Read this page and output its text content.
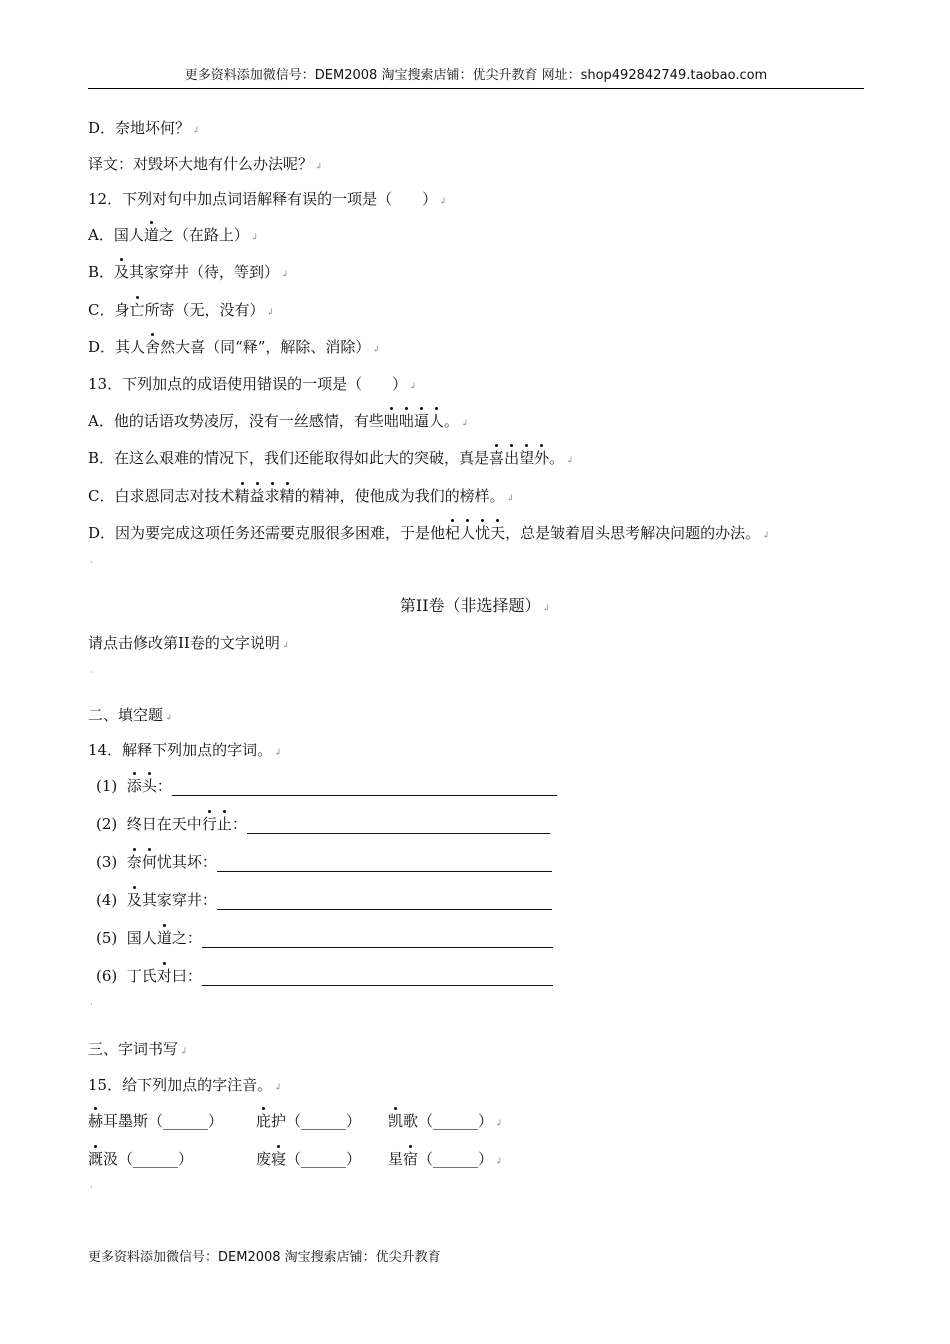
更多资料添加微信号：DEM2008 淘宝搜索店铺：优尖升教育 网址：shop492842749.taobao.com
D．奈地坏何？ ↲
译文：对毁坏大地有什么办法呢？ ↲
12．下列对句中加点词语解释有误的一项是（　　） ↲
A．国人道之（在路上） ↲
B．及其家穿井（待，等到） ↲
C．身亡所寄（无，没有） ↲
D．其人舍然大喜（同“释”，解除、消除） ↲
13．下列加点的成语使用错误的一项是（　　） ↲
A．他的话语攻势凌厉，没有一丝感情，有些咄咄逼人。 ↲
B．在这么艰难的情况下，我们还能取得如此大的突破，真是喜出望外。 ↲
C．白求恩同志对技术精益求精的精神，使他成为我们的榜样。 ↲
D．因为要完成这项任务还需要克服很多困难，于是他杞人忧天，总是皱着眉头思考解决问题的办法。 ↲
·
第II卷（非选择题） ↲
请点击修改第II卷的文字说明 ↲
·
二、填空题 ↲
14．解释下列加点的字词。 ↲
(1) 添头：
(2) 终日在天中行止：
(3) 奈何忧其坏：
(4) 及其家穿井：
(5) 国人道之：
(6) 丁氏对曰：
·
三、字词书写 ↲
15．给下列加点的字注音。 ↲
赫耳墨斯（______） 庇护（______） 凯歌（______） ↲
溉汲（______）	废寝（______） 星宿（______） ↲
·
更多资料添加微信号：DEM2008 淘宝搜索店铺：优尖升教育
